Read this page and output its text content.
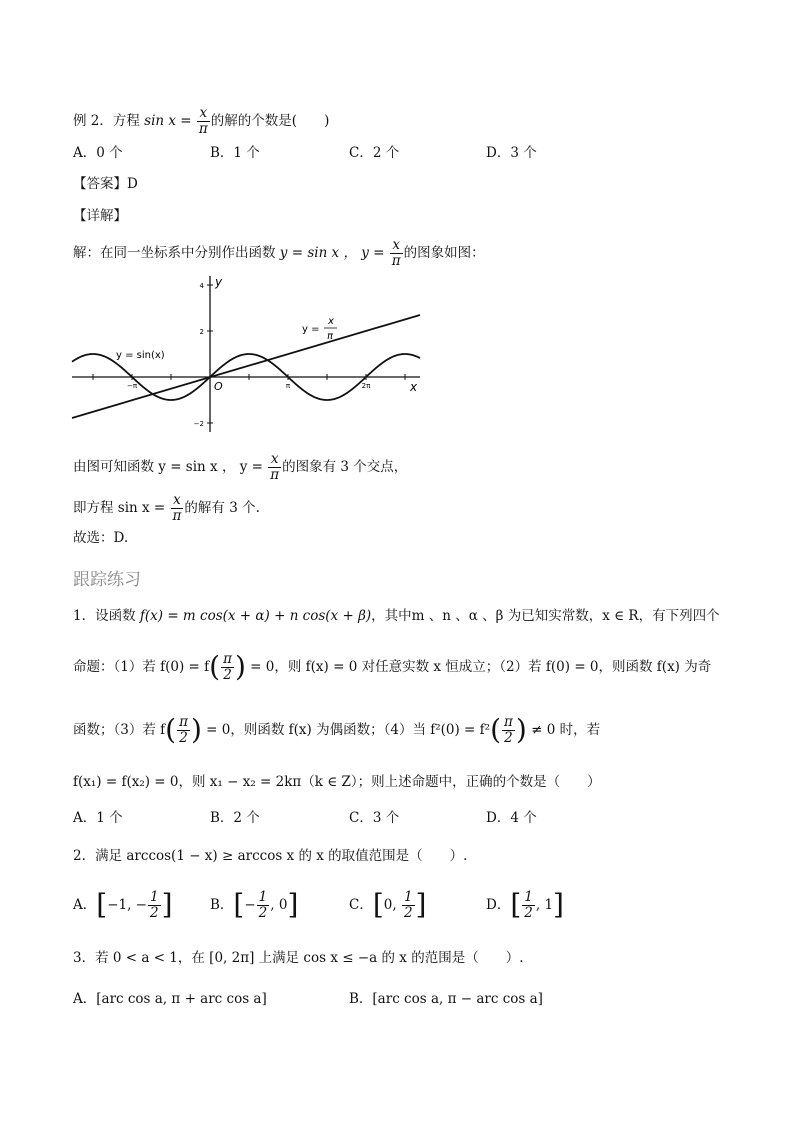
例 2．方程 $\sin x = \frac{x}{\pi}$ 的解的个数是(　　)
A．0 个	B．1 个	C．2 个	D．3 个
【答案】D
【详解】
解：在同一坐标系中分别作出函数 y = sin x ， $y = \frac{x}{\pi}$ 的图象如图：
4
2
−2
−π	π	2π	x
y
O
y = sin(x)
y =
x
π
由图可知函数 y = sin x ， $y = \frac{x}{\pi}$ 的图象有 3 个交点，
即方程 $\sin x = \frac{x}{\pi}$ 的解有 3 个.
故选：D.
跟踪练习
1．设函数 f(x) = m cos(x + α) + n cos(x + β)，其中m 、n 、α 、β 为已知实常数，x ∈ R，有下列四个
命题：（1）若 $f(0) = f( \frac{\pi}{2}$ ) = 0，则 f(x) = 0 对任意实数 x 恒成立；（2）若 f(0) = 0，则函数 f(x) 为奇
函数；（3）若 $f( \frac{\pi}{2}$ ) = 0，则函数 f(x) 为偶函数；（4）当 $f^2(0) = f^2( \frac{\pi}{2}$ ) ≠ 0 时，若
f(x₁) = f(x₂) = 0，则 x₁ − x₂ = 2kπ（k ∈ Z）；则上述命题中，正确的个数是（　　）
A．1 个	B．2 个	C．3 个	D．4 个
2．满足 arccos(1 − x) ≥ arccos x 的 x 的取值范围是（　　）.
A．[−1, − $\frac{1}{2}$ ]	B．[− $\frac{1}{2}$ , 0]	C．[0, $\frac{1}{2}$ ]	D．[ $\frac{1}{2}$ , 1]
3．若 0 < a < 1，在 [0, 2π] 上满足 cos x ≤ −a 的 x 的范围是（　　）.
A．[arc cos a, π + arc cos a]	B．[arc cos a, π − arc cos a]
